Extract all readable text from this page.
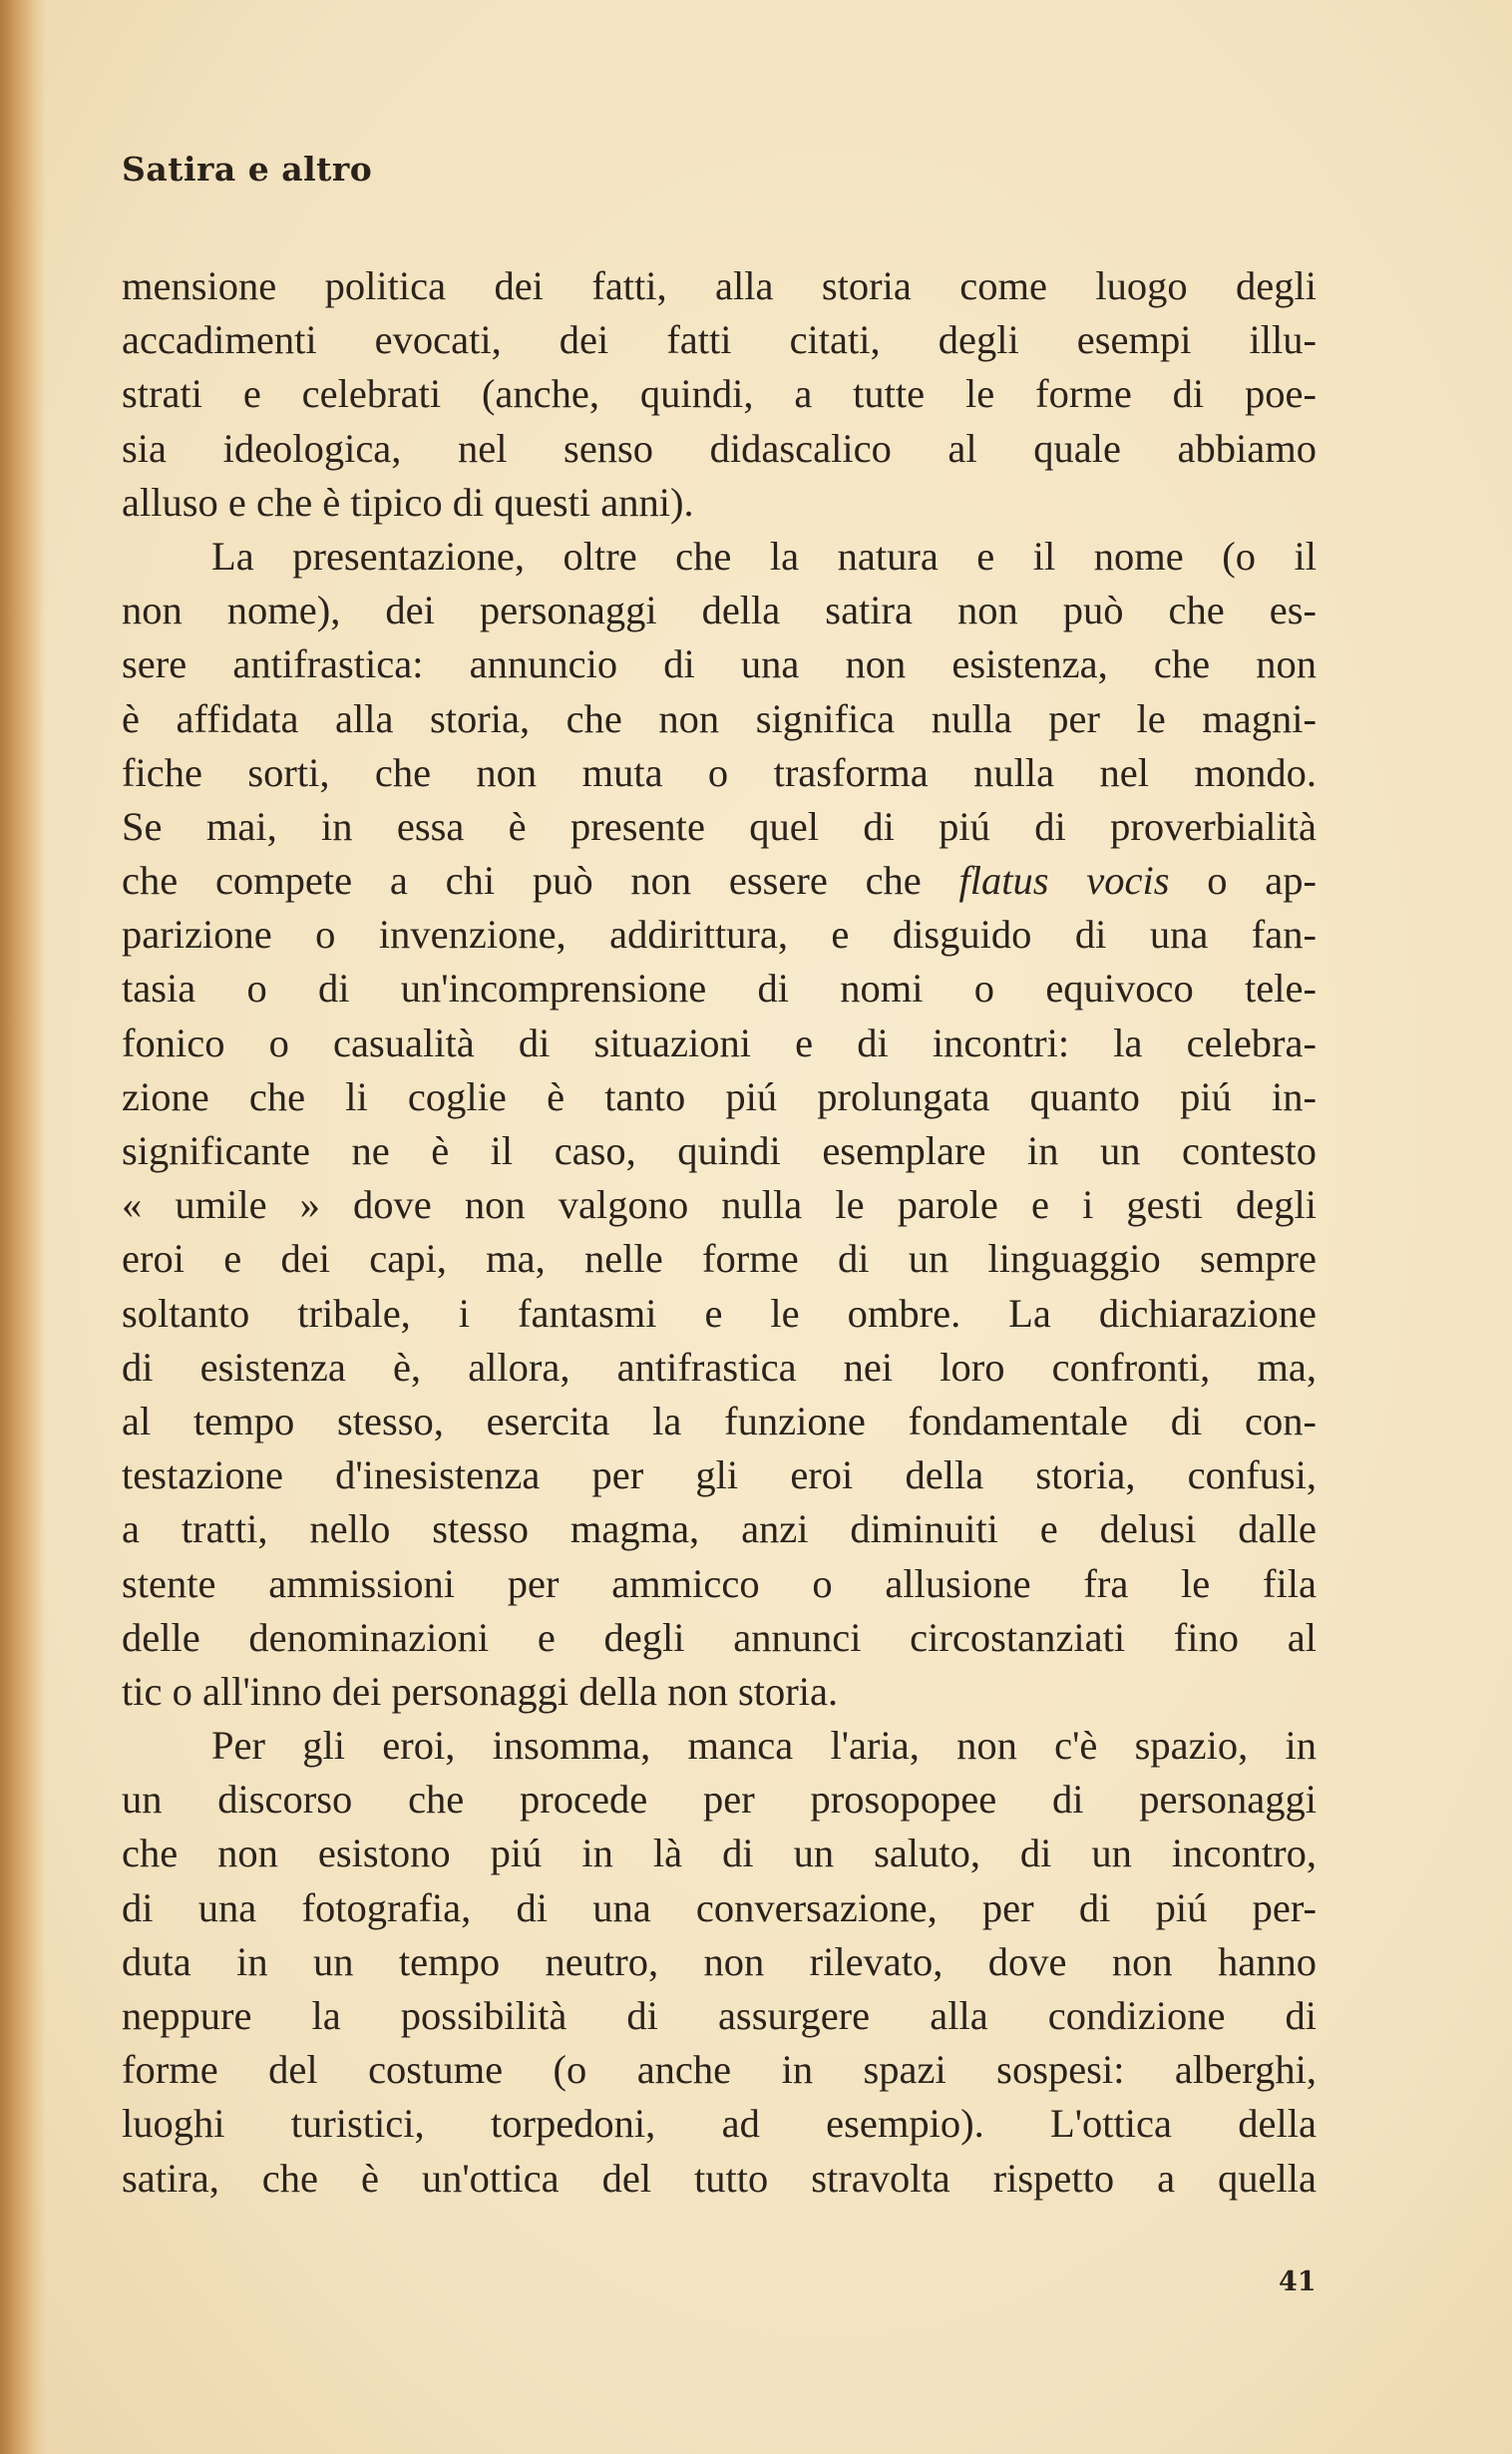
Satira e altro
mensione politica dei fatti, alla storia come luogo degli
accadimenti evocati, dei fatti citati, degli esempi illu-
strati e celebrati (anche, quindi, a tutte le forme di poe-
sia ideologica, nel senso didascalico al quale abbiamo
alluso e che è tipico di questi anni).
La presentazione, oltre che la natura e il nome (o il
non nome), dei personaggi della satira non può che es-
sere antifrastica: annuncio di una non esistenza, che non
è affidata alla storia, che non significa nulla per le magni-
fiche sorti, che non muta o trasforma nulla nel mondo.
Se mai, in essa è presente quel di piú di proverbialità
che compete a chi può non essere che flatus vocis o ap-
parizione o invenzione, addirittura, e disguido di una fan-
tasia o di un'incomprensione di nomi o equivoco tele-
fonico o casualità di situazioni e di incontri: la celebra-
zione che li coglie è tanto piú prolungata quanto piú in-
significante ne è il caso, quindi esemplare in un contesto
« umile » dove non valgono nulla le parole e i gesti degli
eroi e dei capi, ma, nelle forme di un linguaggio sempre
soltanto tribale, i fantasmi e le ombre. La dichiarazione
di esistenza è, allora, antifrastica nei loro confronti, ma,
al tempo stesso, esercita la funzione fondamentale di con-
testazione d'inesistenza per gli eroi della storia, confusi,
a tratti, nello stesso magma, anzi diminuiti e delusi dalle
stente ammissioni per ammicco o allusione fra le fila
delle denominazioni e degli annunci circostanziati fino al
tic o all'inno dei personaggi della non storia.
Per gli eroi, insomma, manca l'aria, non c'è spazio, in
un discorso che procede per prosopopee di personaggi
che non esistono piú in là di un saluto, di un incontro,
di una fotografia, di una conversazione, per di piú per-
duta in un tempo neutro, non rilevato, dove non hanno
neppure la possibilità di assurgere alla condizione di
forme del costume (o anche in spazi sospesi: alberghi,
luoghi turistici, torpedoni, ad esempio). L'ottica della
satira, che è un'ottica del tutto stravolta rispetto a quella
41
